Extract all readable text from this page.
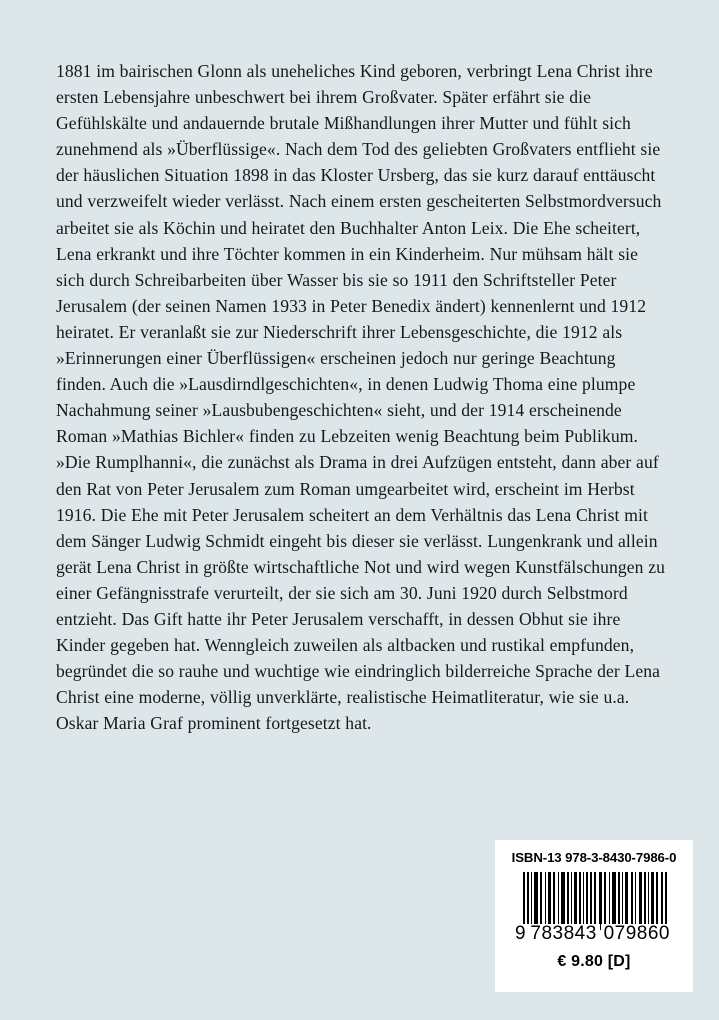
1881 im bairischen Glonn als uneheliches Kind geboren, verbringt Lena Christ ihre ersten Lebensjahre unbeschwert bei ihrem Großvater. Später erfährt sie die Gefühlskälte und andauernde brutale Mißhandlungen ihrer Mutter und fühlt sich zunehmend als »Überflüssige«. Nach dem Tod des geliebten Großvaters entflieht sie der häuslichen Situation 1898 in das Kloster Ursberg, das sie kurz darauf enttäuscht und verzweifelt wieder verlässt. Nach einem ersten gescheiterten Selbstmordversuch arbeitet sie als Köchin und heiratet den Buchhalter Anton Leix. Die Ehe scheitert, Lena erkrankt und ihre Töchter kommen in ein Kinderheim. Nur mühsam hält sie sich durch Schreibarbeiten über Wasser bis sie so 1911 den Schriftsteller Peter Jerusalem (der seinen Namen 1933 in Peter Benedix ändert) kennenlernt und 1912 heiratet. Er veranlaßt sie zur Niederschrift ihrer Lebensgeschichte, die 1912 als »Erinnerungen einer Überflüssigen« erscheinen jedoch nur geringe Beachtung finden. Auch die »Lausdirndlgeschichten«, in denen Ludwig Thoma eine plumpe Nachahmung seiner »Lausbubengeschichten« sieht, und der 1914 erscheinende Roman »Mathias Bichler« finden zu Lebzeiten wenig Beachtung beim Publikum. »Die Rumplhanni«, die zunächst als Drama in drei Aufzügen entsteht, dann aber auf den Rat von Peter Jerusalem zum Roman umgearbeitet wird, erscheint im Herbst 1916. Die Ehe mit Peter Jerusalem scheitert an dem Verhältnis das Lena Christ mit dem Sänger Ludwig Schmidt eingeht bis dieser sie verlässt. Lungenkrank und allein gerät Lena Christ in größte wirtschaftliche Not und wird wegen Kunstfälschungen zu einer Gefängnisstrafe verurteilt, der sie sich am 30. Juni 1920 durch Selbstmord entzieht. Das Gift hatte ihr Peter Jerusalem verschafft, in dessen Obhut sie ihre Kinder gegeben hat. Wenngleich zuweilen als altbacken und rustikal empfunden, begründet die so rauhe und wuchtige wie eindringlich bilderreiche Sprache der Lena Christ eine moderne, völlig unverklärte, realistische Heimatliteratur, wie sie u.a. Oskar Maria Graf prominent fortgesetzt hat.
ISBN-13 978-3-8430-7986-0
9 783843 079860
€ 9.80 [D]
